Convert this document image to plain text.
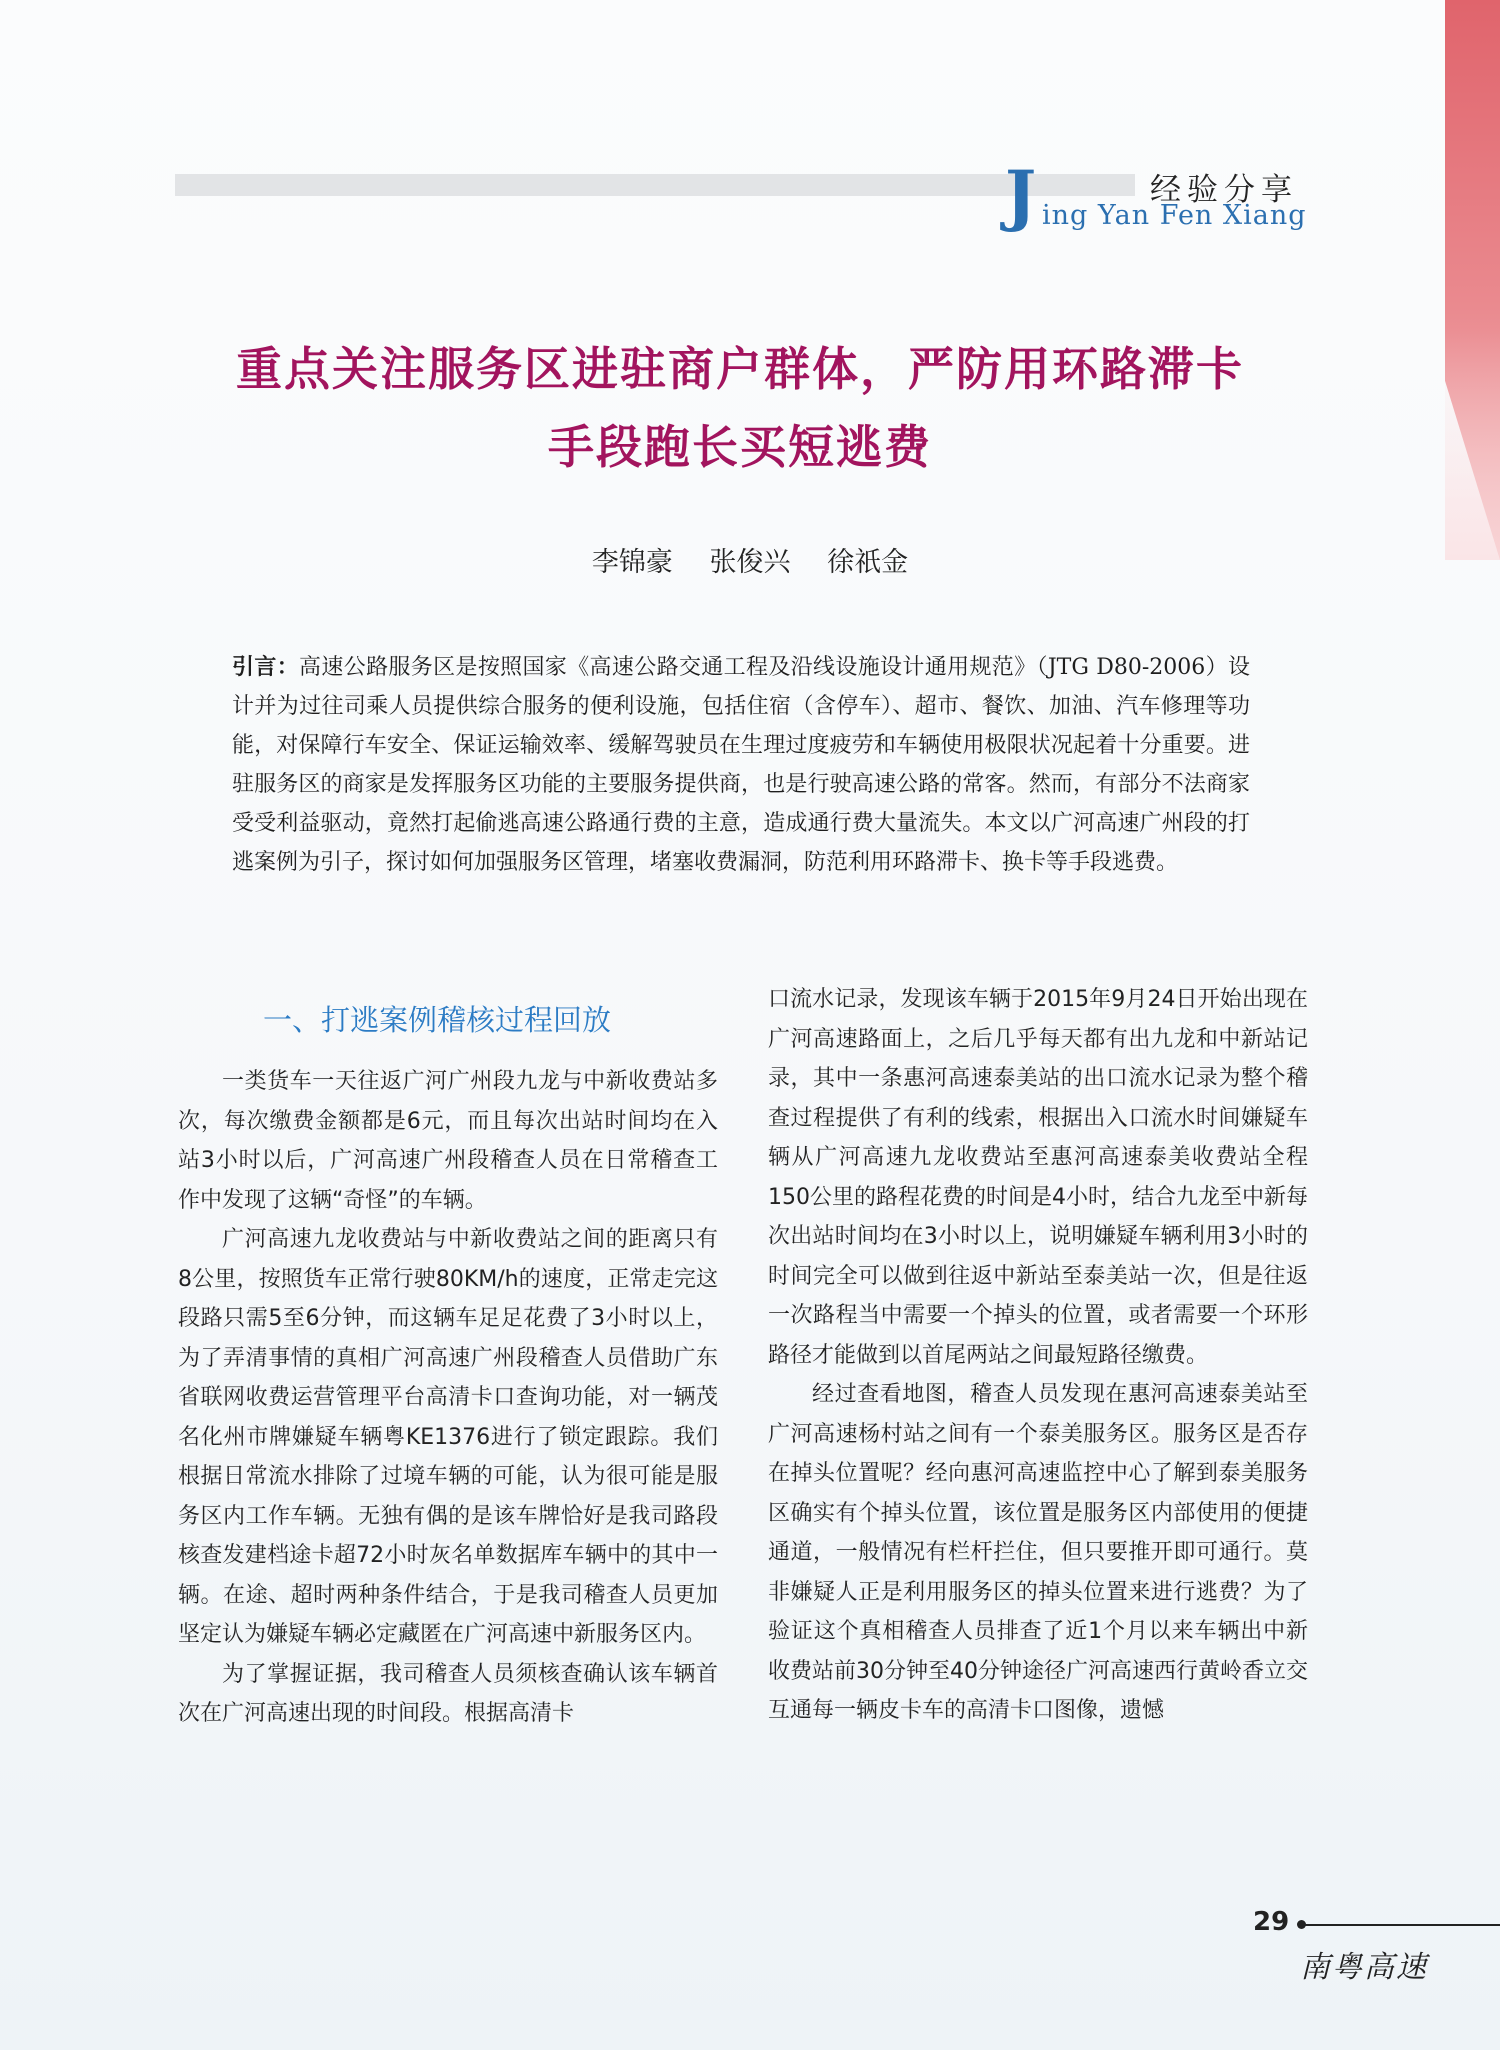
经验分享
J ing Yan Fen Xiang
重点关注服务区进驻商户群体，严防用环路滞卡
手段跑长买短逃费
李锦豪 张俊兴 徐祇金
引言：高速公路服务区是按照国家《高速公路交通工程及沿线设施设计通用规范》（JTG D80-2006）设计并为过往司乘人员提供综合服务的便利设施，包括住宿（含停车）、超市、餐饮、加油、汽车修理等功能，对保障行车安全、保证运输效率、缓解驾驶员在生理过度疲劳和车辆使用极限状况起着十分重要。进驻服务区的商家是发挥服务区功能的主要服务提供商，也是行驶高速公路的常客。然而，有部分不法商家受受利益驱动，竟然打起偷逃高速公路通行费的主意，造成通行费大量流失。本文以广河高速广州段的打逃案例为引子，探讨如何加强服务区管理，堵塞收费漏洞，防范利用环路滞卡、换卡等手段逃费。
一、打逃案例稽核过程回放

一类货车一天往返广河广州段九龙与中新收费站多次，每次缴费金额都是6元，而且每次出站时间均在入站3小时以后，广河高速广州段稽查人员在日常稽查工作中发现了这辆“奇怪”的车辆。

广河高速九龙收费站与中新收费站之间的距离只有8公里，按照货车正常行驶80KM/h的速度，正常走完这段路只需5至6分钟，而这辆车足足花费了3小时以上，为了弄清事情的真相广河高速广州段稽查人员借助广东省联网收费运营管理平台高清卡口查询功能，对一辆茂名化州市牌嫌疑车辆粤KE1376进行了锁定跟踪。我们根据日常流水排除了过境车辆的可能，认为很可能是服务区内工作车辆。无独有偶的是该车牌恰好是我司路段核查发建档途卡超72小时灰名单数据库车辆中的其中一辆。在途、超时两种条件结合，于是我司稽查人员更加坚定认为嫌疑车辆必定藏匿在广河高速中新服务区内。

为了掌握证据，我司稽查人员须核查确认该车辆首次在广河高速出现的时间段。根据高清卡

口流水记录，发现该车辆于2015年9月24日开始出现在广河高速路面上，之后几乎每天都有出九龙和中新站记录，其中一条惠河高速泰美站的出口流水记录为整个稽查过程提供了有利的线索，根据出入口流水时间嫌疑车辆从广河高速九龙收费站至惠河高速泰美收费站全程150公里的路程花费的时间是4小时，结合九龙至中新每次出站时间均在3小时以上，说明嫌疑车辆利用3小时的时间完全可以做到往返中新站至泰美站一次，但是往返一次路程当中需要一个掉头的位置，或者需要一个环形路径才能做到以首尾两站之间最短路径缴费。

经过查看地图，稽查人员发现在惠河高速泰美站至广河高速杨村站之间有一个泰美服务区。服务区是否存在掉头位置呢？经向惠河高速监控中心了解到泰美服务区确实有个掉头位置，该位置是服务区内部使用的便捷通道，一般情况有栏杆拦住，但只要推开即可通行。莫非嫌疑人正是利用服务区的掉头位置来进行逃费？为了验证这个真相稽查人员排查了近1个月以来车辆出中新收费站前30分钟至40分钟途径广河高速西行黄岭香立交互通每一辆皮卡车的高清卡口图像，遗憾

29
南粤高速
